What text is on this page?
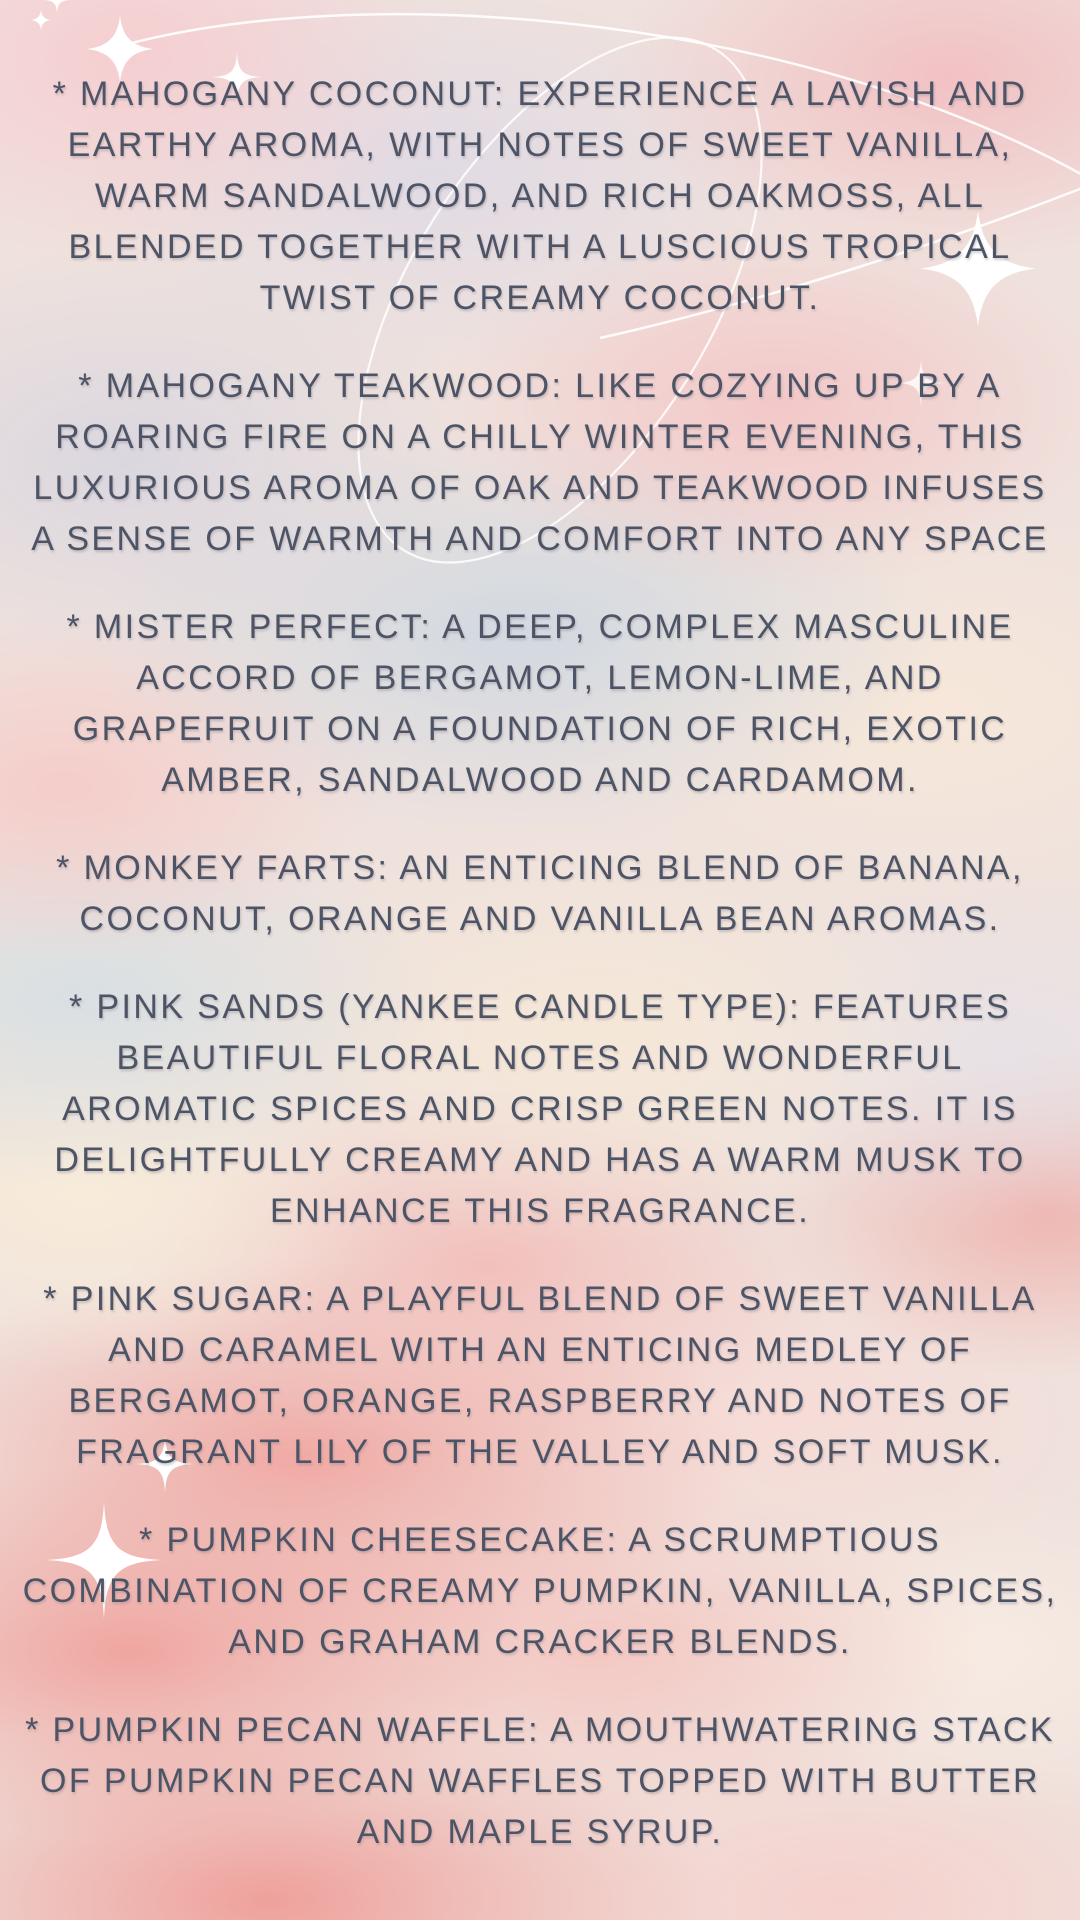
* MAHOGANY COCONUT: EXPERIENCE A LAVISH AND EARTHY AROMA, WITH NOTES OF SWEET VANILLA, WARM SANDALWOOD, AND RICH OAKMOSS, ALL BLENDED TOGETHER WITH A LUSCIOUS TROPICAL TWIST OF CREAMY COCONUT.

* MAHOGANY TEAKWOOD: LIKE COZYING UP BY A ROARING FIRE ON A CHILLY WINTER EVENING, THIS LUXURIOUS AROMA OF OAK AND TEAKWOOD INFUSES A SENSE OF WARMTH AND COMFORT INTO ANY SPACE

* MISTER PERFECT: A DEEP, COMPLEX MASCULINE ACCORD OF BERGAMOT, LEMON-LIME, AND GRAPEFRUIT ON A FOUNDATION OF RICH, EXOTIC AMBER, SANDALWOOD AND CARDAMOM.

* MONKEY FARTS: AN ENTICING BLEND OF BANANA, COCONUT, ORANGE AND VANILLA BEAN AROMAS.

* PINK SANDS (YANKEE CANDLE TYPE): FEATURES BEAUTIFUL FLORAL NOTES AND WONDERFUL AROMATIC SPICES AND CRISP GREEN NOTES. IT IS DELIGHTFULLY CREAMY AND HAS A WARM MUSK TO ENHANCE THIS FRAGRANCE.

* PINK SUGAR: A PLAYFUL BLEND OF SWEET VANILLA AND CARAMEL WITH AN ENTICING MEDLEY OF BERGAMOT, ORANGE, RASPBERRY AND NOTES OF FRAGRANT LILY OF THE VALLEY AND SOFT MUSK.

* PUMPKIN CHEESECAKE: A SCRUMPTIOUS COMBINATION OF CREAMY PUMPKIN, VANILLA, SPICES, AND GRAHAM CRACKER BLENDS.

* PUMPKIN PECAN WAFFLE: A MOUTHWATERING STACK OF PUMPKIN PECAN WAFFLES TOPPED WITH BUTTER AND MAPLE SYRUP.
